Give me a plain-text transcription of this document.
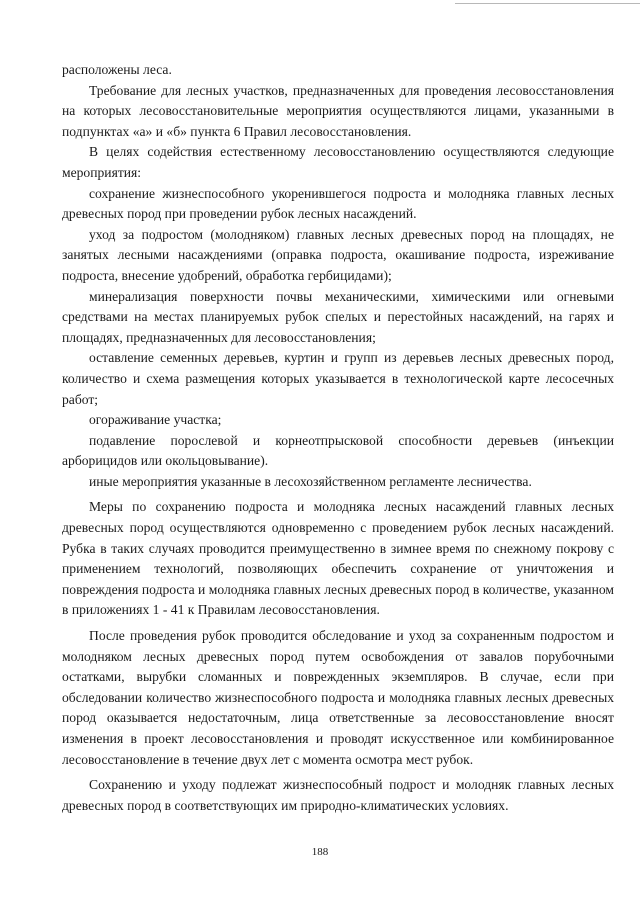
расположены леса.

Требование для лесных участков, предназначенных для проведения лесовосстановления на которых лесовосстановительные мероприятия осуществляются лицами, указанными в подпунктах «а» и «б» пункта 6 Правил лесовосстановления.

В целях содействия естественному лесовосстановлению осуществляются следующие мероприятия:

сохранение жизнеспособного укоренившегося подроста и молодняка главных лесных древесных пород при проведении рубок лесных насаждений.

уход за подростом (молодняком) главных лесных древесных пород на площадях, не занятых лесными насаждениями (оправка подроста, окашивание подроста, изреживание подроста, внесение удобрений, обработка гербицидами);

минерализация поверхности почвы механическими, химическими или огневыми средствами на местах планируемых рубок спелых и перестойных насаждений, на гарях и площадях, предназначенных для лесовосстановления;

оставление семенных деревьев, куртин и групп из деревьев лесных древесных пород, количество и схема размещения которых указывается в технологической карте лесосечных работ;

огораживание участка;

подавление порослевой и корнеотпрысковой способности деревьев (инъекции арборицидов или окольцовывание).

иные мероприятия указанные в лесохозяйственном регламенте лесничества.

Меры по сохранению подроста и молодняка лесных насаждений главных лесных древесных пород осуществляются одновременно с проведением рубок лесных насаждений. Рубка в таких случаях проводится преимущественно в зимнее время по снежному покрову с применением технологий, позволяющих обеспечить сохранение от уничтожения и повреждения подроста и молодняка главных лесных древесных пород в количестве, указанном в приложениях 1 - 41 к Правилам лесовосстановления.

После проведения рубок проводится обследование и уход за сохраненным подростом и молодняком лесных древесных пород путем освобождения от завалов порубочными остатками, вырубки сломанных и поврежденных экземпляров. В случае, если при обследовании количество жизнеспособного подроста и молодняка главных лесных древесных пород оказывается недостаточным, лица ответственные за лесовосстановление вносят изменения в проект лесовосстановления и проводят искусственное или комбинированное лесовосстановление в течение двух лет с момента осмотра мест рубок.

Сохранению и уходу подлежат жизнеспособный подрост и молодняк главных лесных древесных пород в соответствующих им природно-климатических условиях.

188
